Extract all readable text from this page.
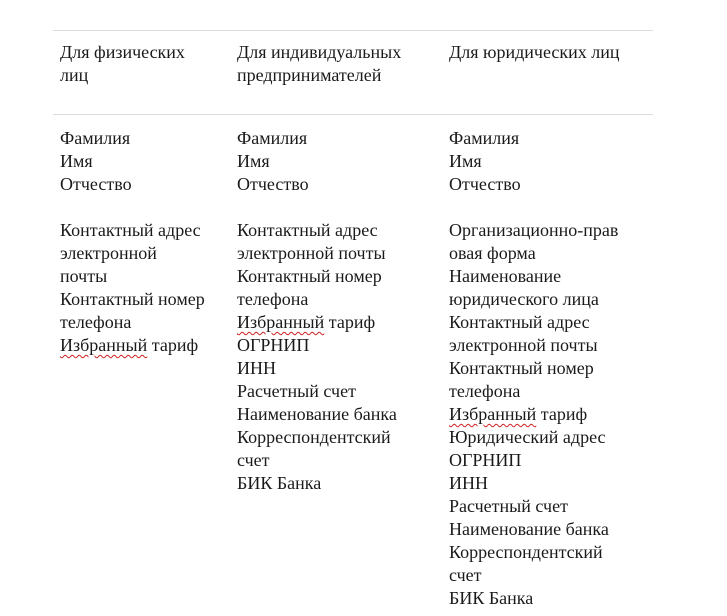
Для физических
лиц
Для индивидуальных
предпринимателей
Для юридических лиц
Фамилия
Имя
Отчество
Контактный адрес
электронной
почты
Контактный номер
телефона
Избранный тариф
Фамилия
Имя
Отчество
Контактный адрес
электронной почты
Контактный номер
телефона
Избранный тариф
ОГРНИП
ИНН
Расчетный счет
Наименование банка
Корреспондентский
счет
БИК Банка
Фамилия
Имя
Отчество
Организационно-прав
овая форма
Наименование
юридического лица
Контактный адрес
электронной почты
Контактный номер
телефона
Избранный тариф
Юридический адрес
ОГРНИП
ИНН
Расчетный счет
Наименование банка
Корреспондентский
счет
БИК Банка
